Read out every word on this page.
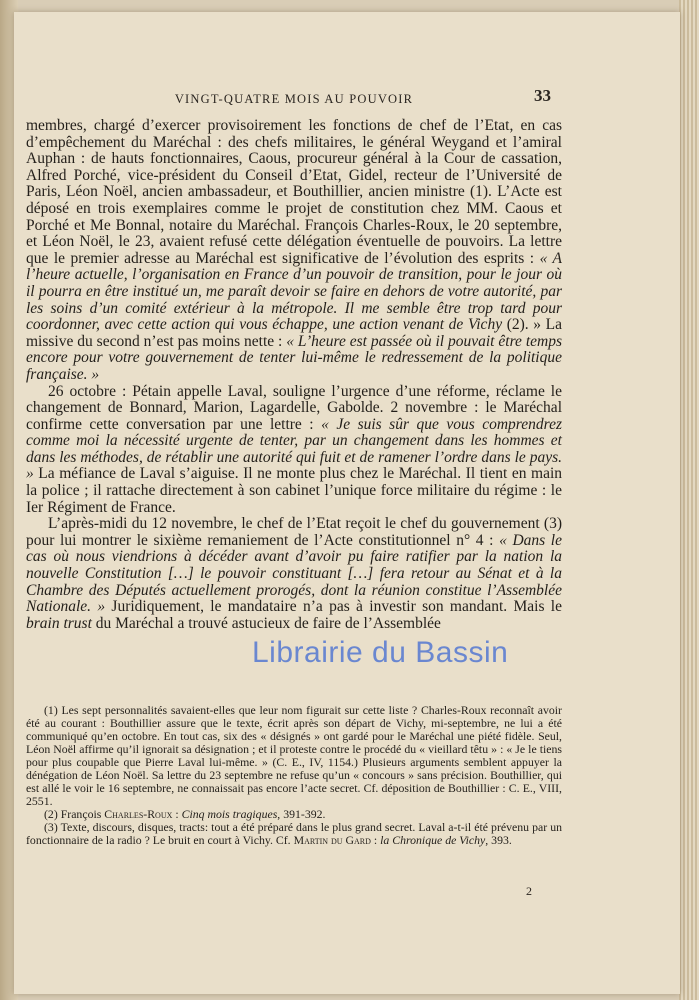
VINGT-QUATRE MOIS AU POUVOIR	33

membres, chargé d’exercer provisoirement les fonctions de chef de l’Etat, en cas d’empêchement du Maréchal : des chefs militaires, le général Weygand et l’amiral Auphan : de hauts fonctionnaires, Caous, procureur général à la Cour de cassation, Alfred Porché, vice-président du Conseil d’Etat, Gidel, recteur de l’Université de Paris, Léon Noël, ancien ambassadeur, et Bouthillier, ancien ministre (1). L’Acte est déposé en trois exemplaires comme le projet de constitution chez MM. Caous et Porché et Me Bonnal, notaire du Maréchal. François Charles-Roux, le 20 septembre, et Léon Noël, le 23, avaient refusé cette délégation éventuelle de pouvoirs. La lettre que le premier adresse au Maréchal est significative de l’évolution des esprits : « A l’heure actuelle, l’organisation en France d’un pouvoir de transition, pour le jour où il pourra en être institué un, me paraît devoir se faire en dehors de votre autorité, par les soins d’un comité extérieur à la métropole. Il me semble être trop tard pour coordonner, avec cette action qui vous échappe, une action venant de Vichy (2). » La missive du second n’est pas moins nette : « L’heure est passée où il pouvait être temps encore pour votre gouvernement de tenter lui-même le redressement de la politique française. »

26 octobre : Pétain appelle Laval, souligne l’urgence d’une réforme, réclame le changement de Bonnard, Marion, Lagardelle, Gabolde. 2 novembre : le Maréchal confirme cette conversation par une lettre : « Je suis sûr que vous comprendrez comme moi la nécessité urgente de tenter, par un changement dans les hommes et dans les méthodes, de rétablir une autorité qui fuit et de ramener l’ordre dans le pays. » La méfiance de Laval s’aiguise. Il ne monte plus chez le Maréchal. Il tient en main la police ; il rattache directement à son cabinet l’unique force militaire du régime : le Ier Régiment de France.

L’après-midi du 12 novembre, le chef de l’Etat reçoit le chef du gouvernement (3) pour lui montrer le sixième remaniement de l’Acte constitutionnel n° 4 : « Dans le cas où nous viendrions à décéder avant d’avoir pu faire ratifier par la nation la nouvelle Constitution […] le pouvoir constituant […] fera retour au Sénat et à la Chambre des Députés actuellement prorogés, dont la réunion constitue l’Assemblée Nationale. » Juridiquement, le mandataire n’a pas à investir son mandant. Mais le brain trust du Maréchal a trouvé astucieux de faire de l’Assemblée

Librairie du Bassin

(1) Les sept personnalités savaient-elles que leur nom figurait sur cette liste ? Charles-Roux reconnaît avoir été au courant : Bouthillier assure que le texte, écrit après son départ de Vichy, mi-septembre, ne lui a été communiqué qu’en octobre. En tout cas, six des « désignés » ont gardé pour le Maréchal une piété fidèle. Seul, Léon Noël affirme qu’il ignorait sa désignation ; et il proteste contre le procédé du « vieillard têtu » : « Je le tiens pour plus coupable que Pierre Laval lui-même. » (C. E., IV, 1154.) Plusieurs arguments semblent appuyer la dénégation de Léon Noël. Sa lettre du 23 septembre ne refuse qu’un « concours » sans précision. Bouthillier, qui est allé le voir le 16 septembre, ne connaissait pas encore l’acte secret. Cf. déposition de Bouthillier : C. E., VIII, 2551.

(2) François Charles-Roux : Cinq mois tragiques, 391-392.

(3) Texte, discours, disques, tracts: tout a été préparé dans le plus grand secret. Laval a-t-il été prévenu par un fonctionnaire de la radio ? Le bruit en court à Vichy. Cf. Martin du Gard : la Chronique de Vichy, 393.

2
